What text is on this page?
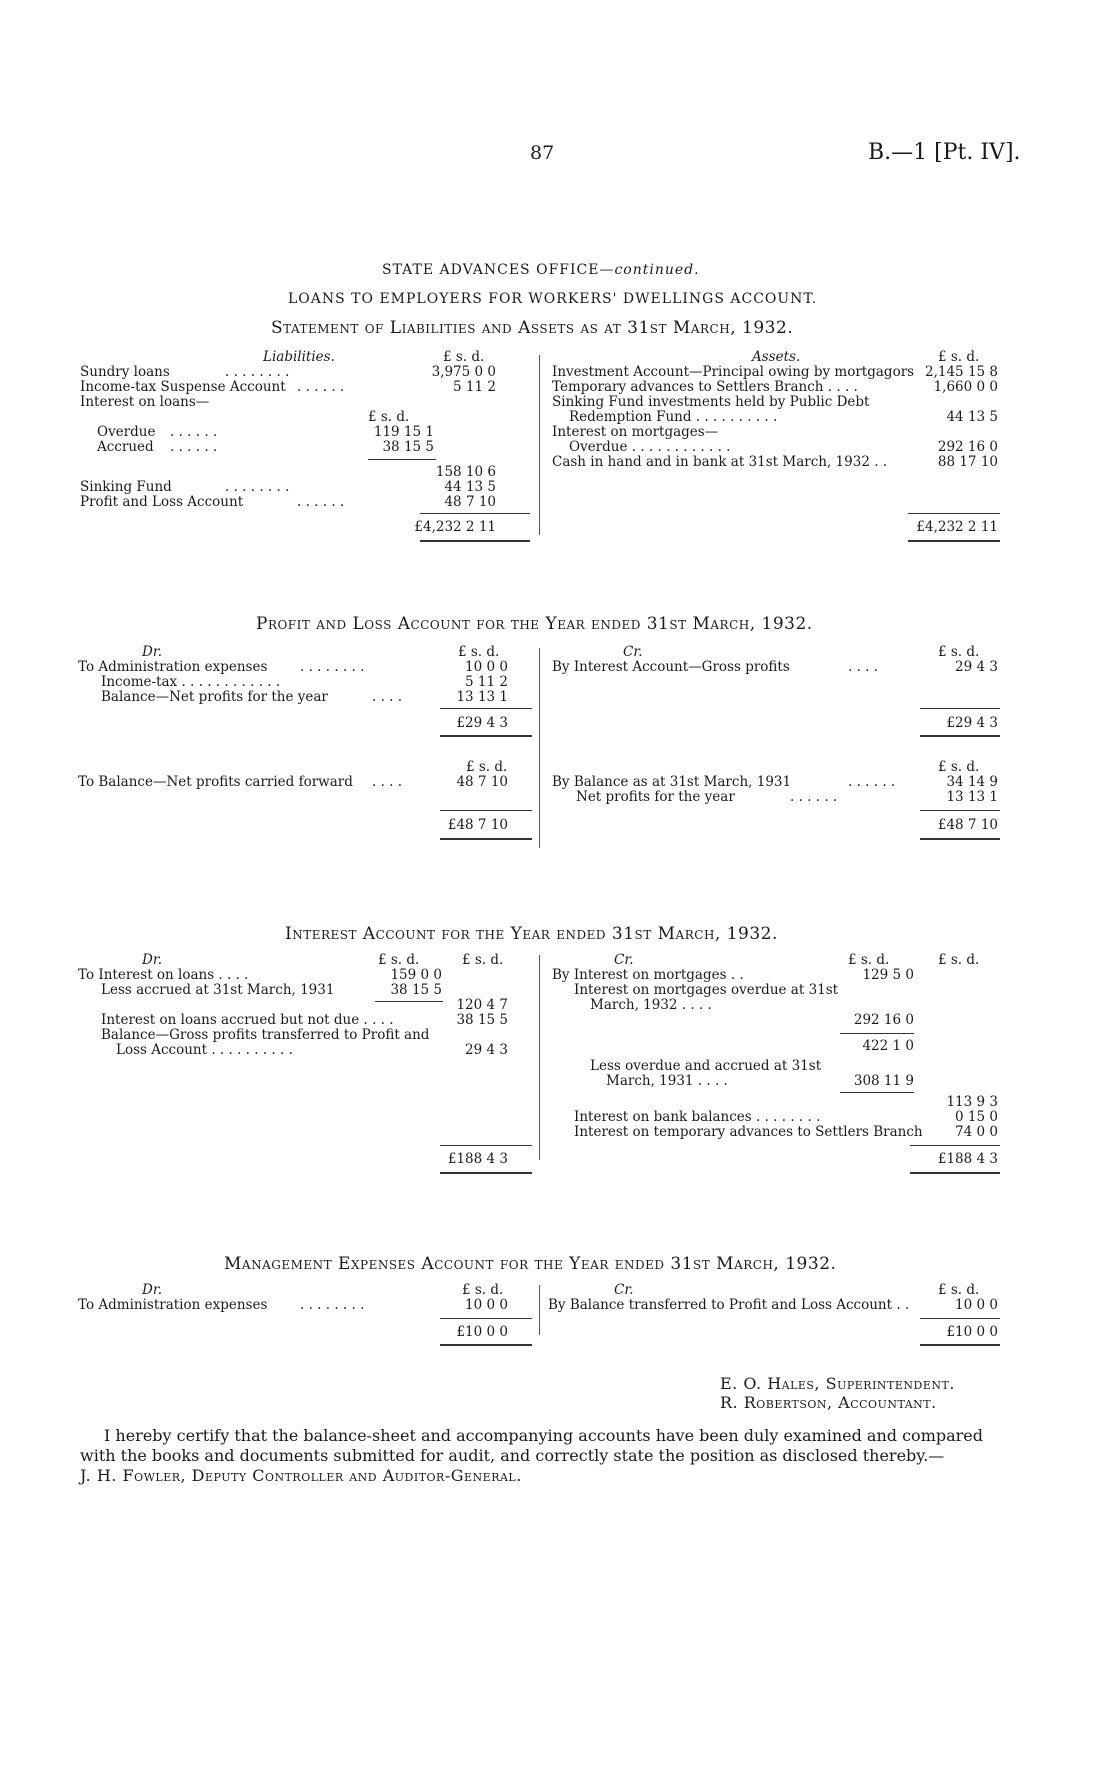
87	B.—1 [Pt. IV].
STATE ADVANCES OFFICE—continued.
LOANS TO EMPLOYERS FOR WORKERS' DWELLINGS ACCOUNT.
Statement of Liabilities and Assets as at 31st March, 1932.
Liabilities.	£ s. d.
£ s. d.
Assets.	£ s. d.
Sundry loans	. . . . . . . .	3,975 0 0
Income-tax Suspense Account . . . . . .	5 11 2
Interest on loans—
Overdue . . . . . .	119 15 1
Accrued . . . . . .	38 15 5
158 10 6
Sinking Fund	. . . . . . . .	44 13 5
Profit and Loss Account	. . . . . .	48 7 10
£4,232 2 11
Investment Account—Principal owing by mortgagors 2,145 15 8
Temporary advances to Settlers Branch . . . .	1,660 0 0
Sinking Fund investments held by Public Debt
Redemption Fund . . . . . . . . . .	44 13 5
Interest on mortgages—
Overdue . . . . . . . . . . . .	292 16 0
Cash in hand and in bank at 31st March, 1932 . .	88 17 10
£4,232 2 11
Profit and Loss Account for the Year ended 31st March, 1932.
Dr.	£ s. d.	Cr.	£ s. d.
To Administration expenses . . . . . . . .	10 0 0
Income-tax . . . . . . . . . . . .	5 11 2
Balance—Net profits for the year	. . . .	13 13 1
£29 4 3
By Interest Account—Gross profits	. . . .	29 4 3
£29 4 3
£ s. d.	£ s. d.
To Balance—Net profits carried forward . . . .	48 7 10	By Balance as at 31st March, 1931	. . . . . .	34 14 9
Net profits for the year	. . . . . .	13 13 1
£48 7 10	£48 7 10
Interest Account for the Year ended 31st March, 1932.
Dr.	£ s. d.	£ s. d.	Cr.	£ s. d.	£ s. d.
To Interest on loans . . . .	159 0 0
Less accrued at 31st March, 1931	38 15 5
120 4 7
Interest on loans accrued but not due . . . .	38 15 5
Balance—Gross profits transferred to Profit and
Loss Account . . . . . . . . . .	29 4 3
By Interest on mortgages . .	129 5 0
Interest on mortgages overdue at 31st
March, 1932 . . . .
292 16 0
422 1 0
Less overdue and accrued at 31st
March, 1931 . . . .	308 11 9
113 9 3
Interest on bank balances . . . . . . . .	0 15 0
Interest on temporary advances to Settlers Branch 74 0 0
£188 4 3	£188 4 3
Management Expenses Account for the Year ended 31st March, 1932.
Dr.	£ s. d.	Cr.	£ s. d.
To Administration expenses . . . . . . . .	10 0 0	By Balance transferred to Profit and Loss Account . .	10 0 0
£10 0 0	£10 0 0
E. O. Hales, Superintendent.
R. Robertson, Accountant.
I hereby certify that the balance-sheet and accompanying accounts have been duly examined and compared
with the books and documents submitted for audit, and correctly state the position as disclosed thereby.—
J. H. Fowler, Deputy Controller and Auditor-General.
